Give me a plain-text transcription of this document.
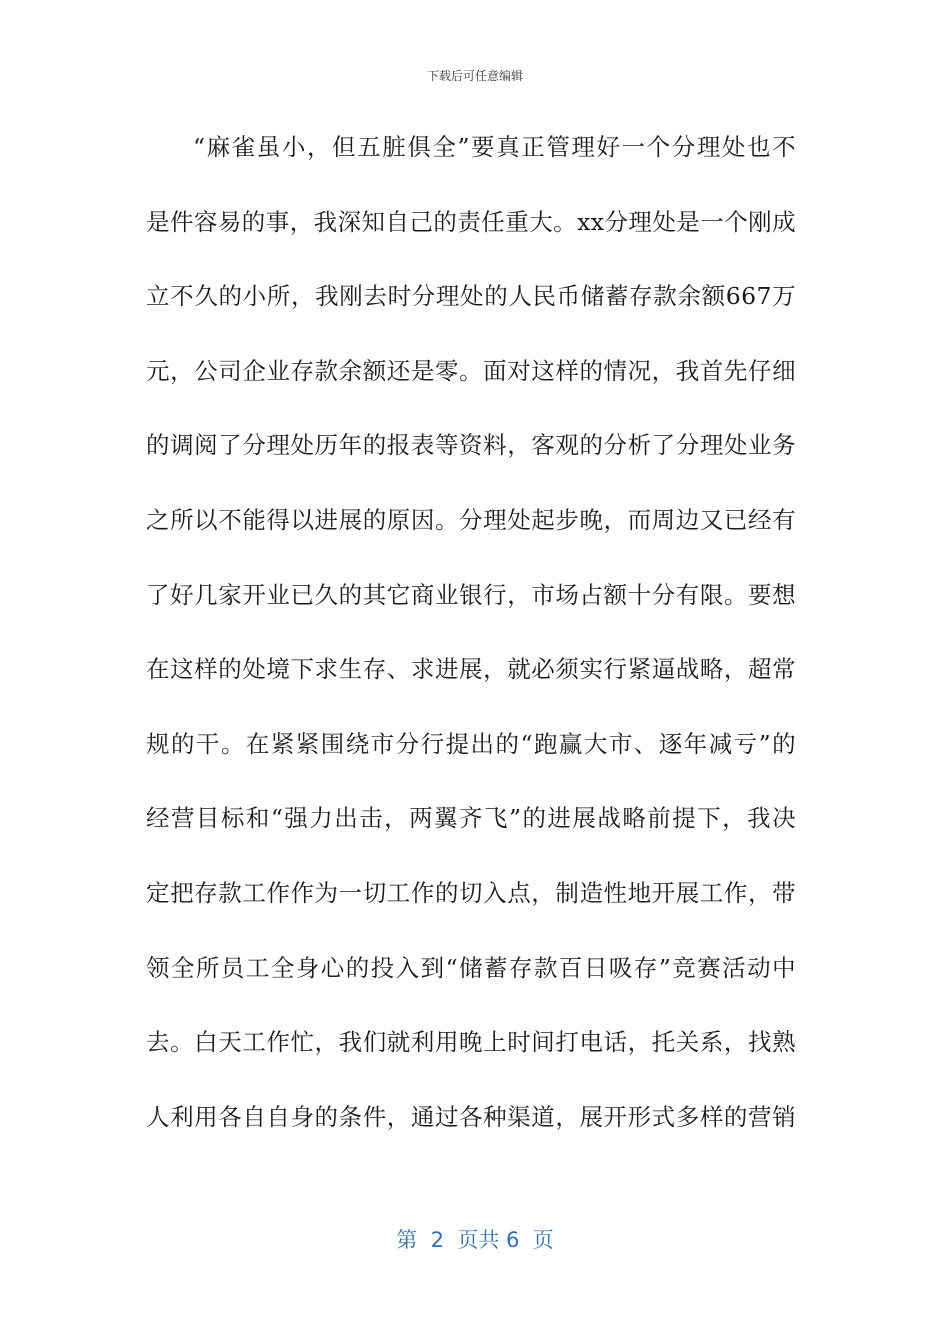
下载后可任意编辑
“麻雀虽小，但五脏俱全”要真正管理好一个分理处也不
是件容易的事，我深知自己的责任重大。xx分理处是一个刚成
立不久的小所，我刚去时分理处的人民币储蓄存款余额667万
元，公司企业存款余额还是零。面对这样的情况，我首先仔细
的调阅了分理处历年的报表等资料，客观的分析了分理处业务
之所以不能得以进展的原因。分理处起步晚，而周边又已经有
了好几家开业已久的其它商业银行，市场占额十分有限。要想
在这样的处境下求生存、求进展，就必须实行紧逼战略，超常
规的干。在紧紧围绕市分行提出的“跑赢大市、逐年减亏”的
经营目标和“强力出击，两翼齐飞”的进展战略前提下，我决
定把存款工作作为一切工作的切入点，制造性地开展工作，带
领全所员工全身心的投入到“储蓄存款百日吸存”竞赛活动中
去。白天工作忙，我们就利用晚上时间打电话，托关系，找熟
人利用各自自身的条件，通过各种渠道，展开形式多样的营销
第  2  页共 6  页
